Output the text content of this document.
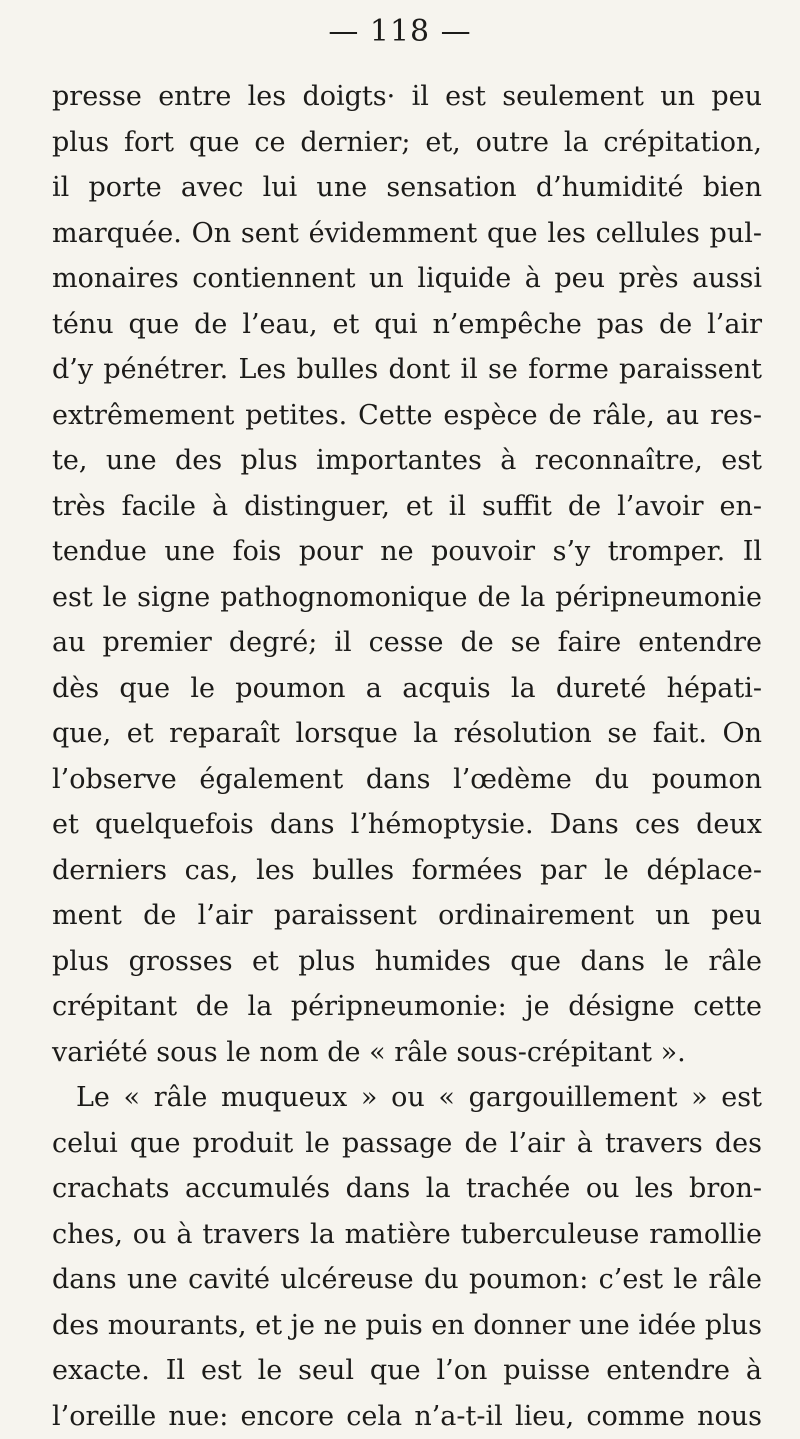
— 118 —
presse entre les doigts· il est seulement un peu
plus fort que ce dernier; et, outre la crépitation,
il porte avec lui une sensation d’humidité bien
marquée. On sent évidemment que les cellules pul-
monaires contiennent un liquide à peu près aussi
ténu que de l’eau, et qui n’empêche pas de l’air
d’y pénétrer. Les bulles dont il se forme paraissent
extrêmement petites. Cette espèce de râle, au res-
te, une des plus importantes à reconnaître, est
très facile à distinguer, et il suffit de l’avoir en-
tendue une fois pour ne pouvoir s’y tromper. Il
est le signe pathognomonique de la péripneumonie
au premier degré; il cesse de se faire entendre
dès que le poumon a acquis la dureté hépati-
que, et reparaît lorsque la résolution se fait. On
l’observe également dans l’œdème du poumon
et quelquefois dans l’hémoptysie. Dans ces deux
derniers cas, les bulles formées par le déplace-
ment de l’air paraissent ordinairement un peu
plus grosses et plus humides que dans le râle
crépitant de la péripneumonie: je désigne cette
variété sous le nom de « râle sous-crépitant ».
Le « râle muqueux » ou « gargouillement » est
celui que produit le passage de l’air à travers des
crachats accumulés dans la trachée ou les bron-
ches, ou à travers la matière tuberculeuse ramollie
dans une cavité ulcéreuse du poumon: c’est le râle
des mourants, et je ne puis en donner une idée plus
exacte. Il est le seul que l’on puisse entendre à
l’oreille nue: encore cela n’a-t-il lieu, comme nous
